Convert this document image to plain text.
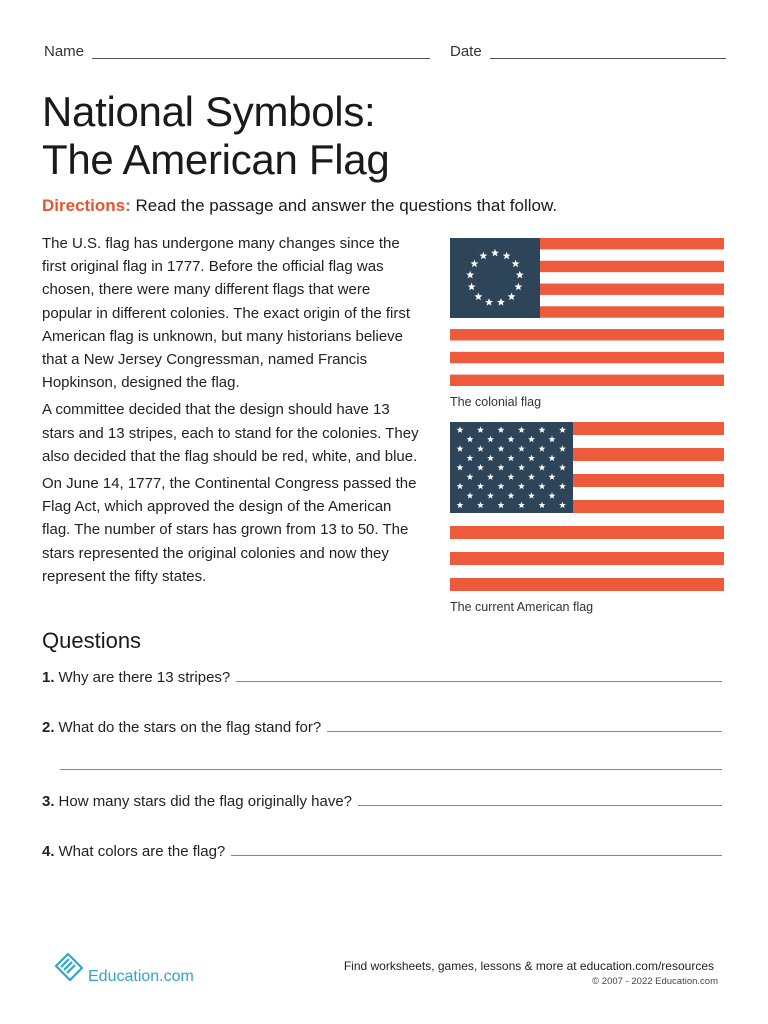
Name	Date
National Symbols:
The American Flag
Directions: Read the passage and answer the questions that follow.

The U.S. flag has undergone many changes since the first original flag in 1777. Before the official flag was chosen, there were many different flags that were popular in different colonies. The exact origin of the first American flag is unknown, but many historians believe that a New Jersey Congressman, named Francis Hopkinson, designed the flag.

A committee decided that the design should have 13 stars and 13 stripes, each to stand for the colonies. They also decided that the flag should be red, white, and blue.

On June 14, 1777, the Continental Congress passed the Flag Act, which approved the design of the American flag. The number of stars has grown from 13 to 50. The stars represented the original colonies and now they represent the fifty states.

The colonial flag
The current American flag
Questions
1. Why are there 13 stripes?
2. What do the stars on the flag stand for?
3. How many stars did the flag originally have?
4. What colors are the flag?
Education.com
Find worksheets, games, lessons & more at education.com/resources
© 2007 - 2022 Education.com
